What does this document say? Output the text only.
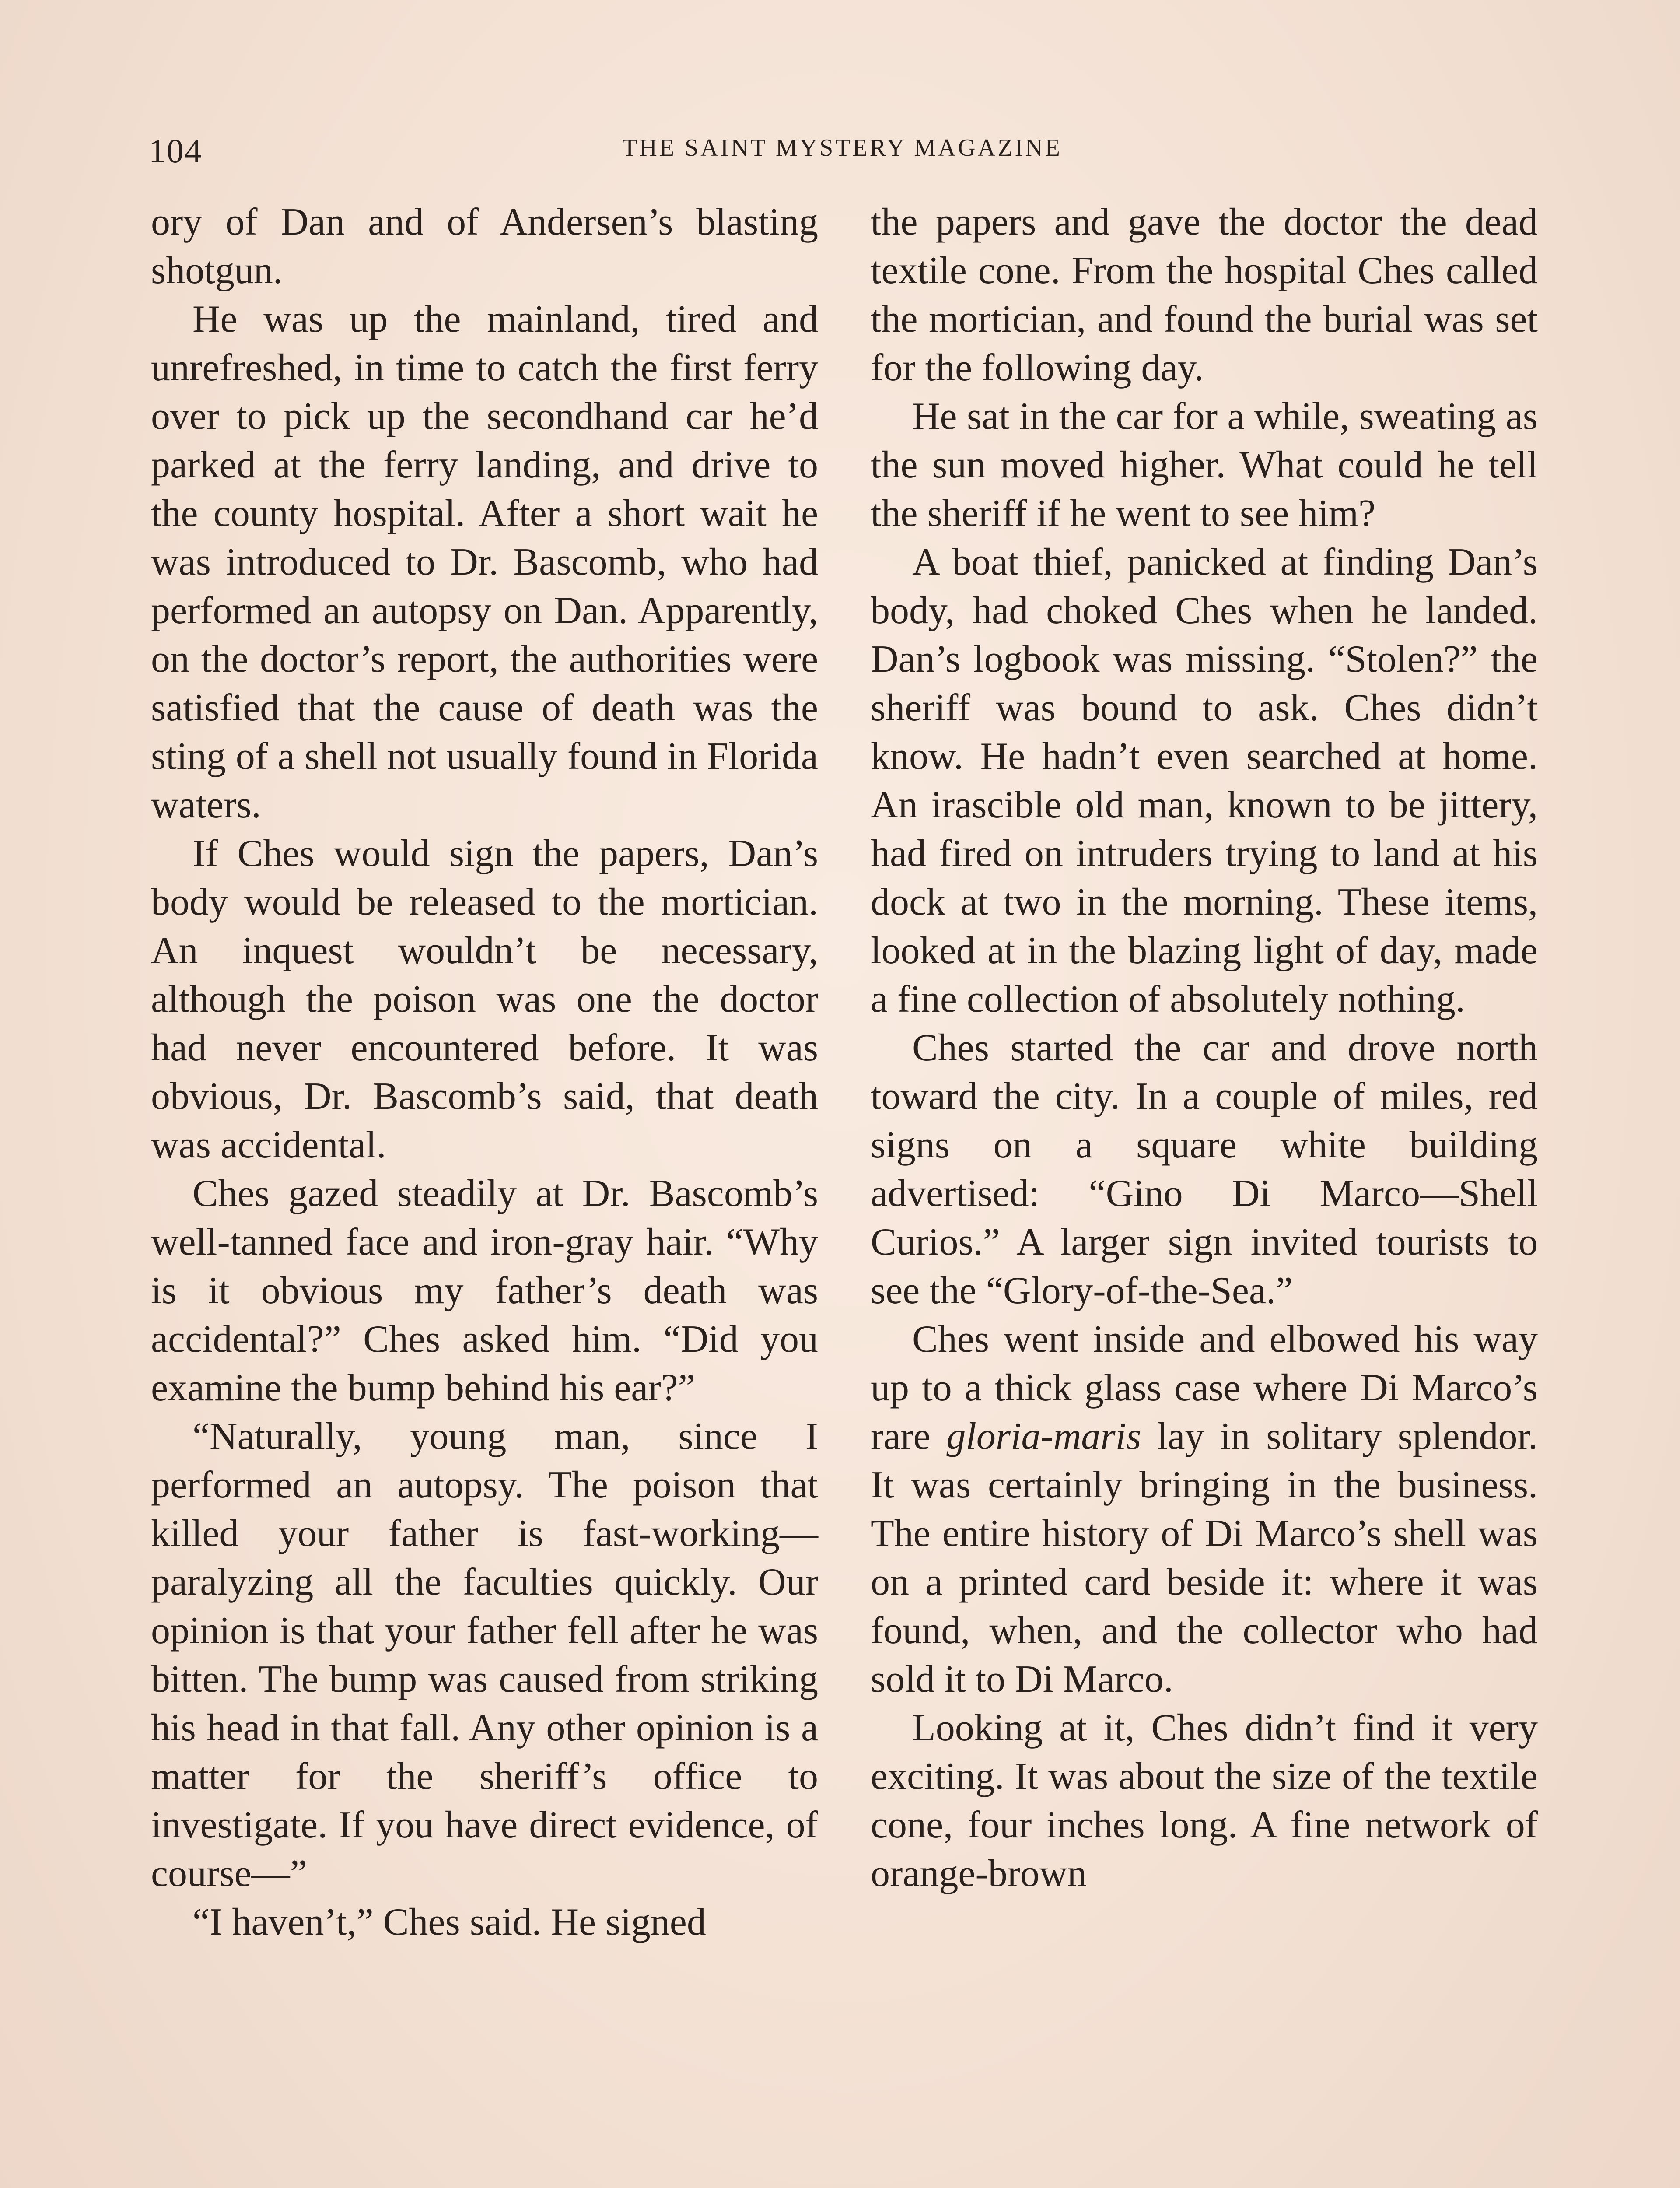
104	THE SAINT MYSTERY MAGAZINE

ory of Dan and of Andersen’s blasting shotgun.

He was up the mainland, tired and unrefreshed, in time to catch the first ferry over to pick up the secondhand car he’d parked at the ferry landing, and drive to the county hospital. After a short wait he was introduced to Dr. Bascomb, who had performed an autopsy on Dan. Apparently, on the doctor’s report, the authorities were satisfied that the cause of death was the sting of a shell not usually found in Florida waters.

If Ches would sign the papers, Dan’s body would be released to the mortician. An inquest wouldn’t be necessary, although the poison was one the doctor had never encountered before. It was obvious, Dr. Bascomb’s said, that death was accidental.

Ches gazed steadily at Dr. Bascomb’s well-tanned face and iron-gray hair. “Why is it obvious my father’s death was accidental?” Ches asked him. “Did you examine the bump behind his ear?”

“Naturally, young man, since I performed an autopsy. The poison that killed your father is fast-working—paralyzing all the faculties quickly. Our opinion is that your father fell after he was bitten. The bump was caused from striking his head in that fall. Any other opinion is a matter for the sheriff’s office to investigate. If you have direct evidence, of course—”

“I haven’t,” Ches said. He signed

the papers and gave the doctor the dead textile cone. From the hospital Ches called the mortician, and found the burial was set for the following day.

He sat in the car for a while, sweating as the sun moved higher. What could he tell the sheriff if he went to see him?

A boat thief, panicked at finding Dan’s body, had choked Ches when he landed. Dan’s logbook was missing. “Stolen?” the sheriff was bound to ask. Ches didn’t know. He hadn’t even searched at home. An irascible old man, known to be jittery, had fired on intruders trying to land at his dock at two in the morning. These items, looked at in the blazing light of day, made a fine collection of absolutely nothing.

Ches started the car and drove north toward the city. In a couple of miles, red signs on a square white building advertised: “Gino Di Marco—Shell Curios.” A larger sign invited tourists to see the “Glory-of-the-Sea.”

Ches went inside and elbowed his way up to a thick glass case where Di Marco’s rare gloria-maris lay in solitary splendor. It was certainly bringing in the business. The entire history of Di Marco’s shell was on a printed card beside it: where it was found, when, and the collector who had sold it to Di Marco.

Looking at it, Ches didn’t find it very exciting. It was about the size of the textile cone, four inches long. A fine network of orange-brown
